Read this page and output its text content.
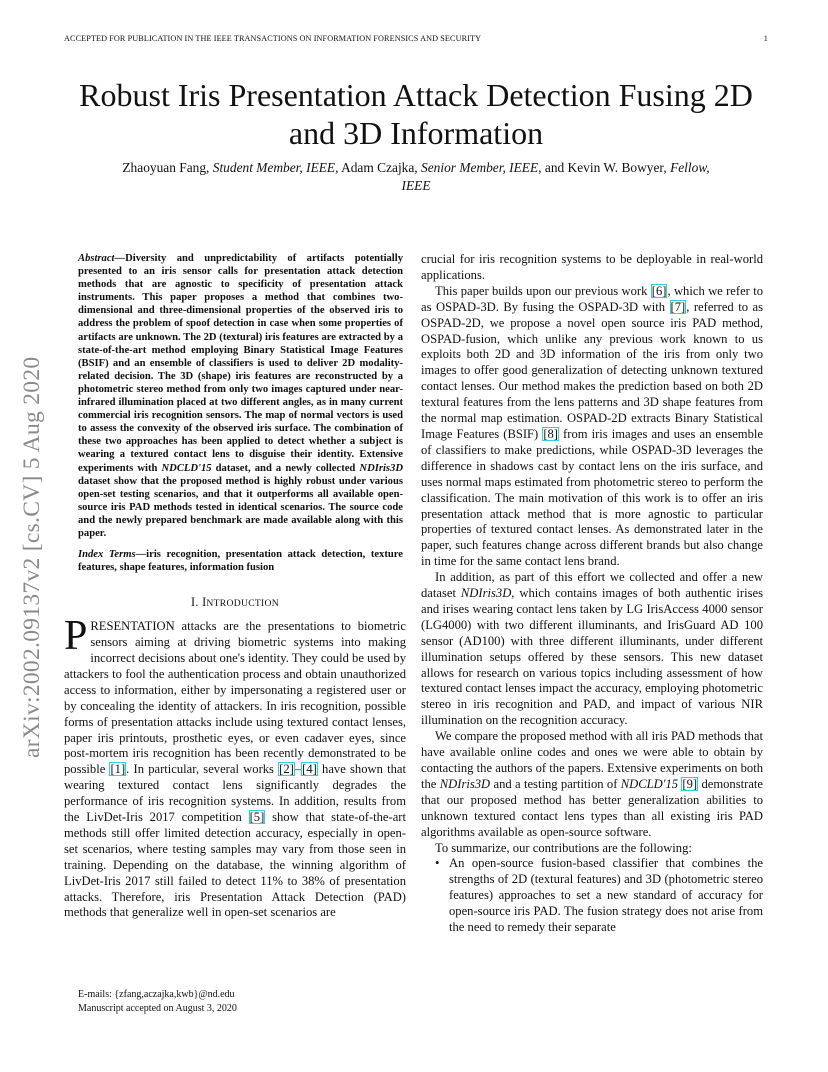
ACCEPTED FOR PUBLICATION IN THE IEEE TRANSACTIONS ON INFORMATION FORENSICS AND SECURITY	1
arXiv:2002.09137v2 [cs.CV] 5 Aug 2020
Robust Iris Presentation Attack Detection Fusing 2D and 3D Information
Zhaoyuan Fang, Student Member, IEEE, Adam Czajka, Senior Member, IEEE, and Kevin W. Bowyer, Fellow, IEEE

Abstract—Diversity and unpredictability of artifacts potentially presented to an iris sensor calls for presentation attack detection methods that are agnostic to specificity of presentation attack instruments. This paper proposes a method that combines two-dimensional and three-dimensional properties of the observed iris to address the problem of spoof detection in case when some properties of artifacts are unknown. The 2D (textural) iris features are extracted by a state-of-the-art method employing Binary Statistical Image Features (BSIF) and an ensemble of classifiers is used to deliver 2D modality-related decision. The 3D (shape) iris features are reconstructed by a photometric stereo method from only two images captured under near-infrared illumination placed at two different angles, as in many current commercial iris recognition sensors. The map of normal vectors is used to assess the convexity of the observed iris surface. The combination of these two approaches has been applied to detect whether a subject is wearing a textured contact lens to disguise their identity. Extensive experiments with NDCLD'15 dataset, and a newly collected NDIris3D dataset show that the proposed method is highly robust under various open-set testing scenarios, and that it outperforms all available open-source iris PAD methods tested in identical scenarios. The source code and the newly prepared benchmark are made available along with this paper.

Index Terms—iris recognition, presentation attack detection, texture features, shape features, information fusion

I. INTRODUCTION

PRESENTATION attacks are the presentations to biometric sensors aiming at driving biometric systems into making incorrect decisions about one's identity. They could be used by attackers to fool the authentication process and obtain unauthorized access to information, either by impersonating a registered user or by concealing the identity of attackers. In iris recognition, possible forms of presentation attacks include using textured contact lenses, paper iris printouts, prosthetic eyes, or even cadaver eyes, since post-mortem iris recognition has been recently demonstrated to be possible [1]. In particular, several works [2]–[4] have shown that wearing textured contact lens significantly degrades the performance of iris recognition systems. In addition, results from the LivDet-Iris 2017 competition [5] show that state-of-the-art methods still offer limited detection accuracy, especially in open-set scenarios, where testing samples may vary from those seen in training. Depending on the database, the winning algorithm of LivDet-Iris 2017 still failed to detect 11% to 38% of presentation attacks. Therefore, iris Presentation Attack Detection (PAD) methods that generalize well in open-set scenarios are

E-mails: {zfang,aczajka,kwb}@nd.edu
Manuscript accepted on August 3, 2020

crucial for iris recognition systems to be deployable in real-world applications.

This paper builds upon our previous work [6], which we refer to as OSPAD-3D. By fusing the OSPAD-3D with [7], referred to as OSPAD-2D, we propose a novel open source iris PAD method, OSPAD-fusion, which unlike any previous work known to us exploits both 2D and 3D information of the iris from only two images to offer good generalization of detecting unknown textured contact lenses. Our method makes the prediction based on both 2D textural features from the lens patterns and 3D shape features from the normal map estimation. OSPAD-2D extracts Binary Statistical Image Features (BSIF) [8] from iris images and uses an ensemble of classifiers to make predictions, while OSPAD-3D leverages the difference in shadows cast by contact lens on the iris surface, and uses normal maps estimated from photometric stereo to perform the classification. The main motivation of this work is to offer an iris presentation attack method that is more agnostic to particular properties of textured contact lenses. As demonstrated later in the paper, such features change across different brands but also change in time for the same contact lens brand.

In addition, as part of this effort we collected and offer a new dataset NDIris3D, which contains images of both authentic irises and irises wearing contact lens taken by LG IrisAccess 4000 sensor (LG4000) with two different illuminants, and IrisGuard AD 100 sensor (AD100) with three different illuminants, under different illumination setups offered by these sensors. This new dataset allows for research on various topics including assessment of how textured contact lenses impact the accuracy, employing photometric stereo in iris recognition and PAD, and impact of various NIR illumination on the recognition accuracy.

We compare the proposed method with all iris PAD methods that have available online codes and ones we were able to obtain by contacting the authors of the papers. Extensive experiments on both the NDIris3D and a testing partition of NDCLD'15 [9] demonstrate that our proposed method has better generalization abilities to unknown textured contact lens types than all existing iris PAD algorithms available as open-source software.

To summarize, our contributions are the following:

• An open-source fusion-based classifier that combines the strengths of 2D (textural features) and 3D (photometric stereo features) approaches to set a new standard of accuracy for open-source iris PAD. The fusion strategy does not arise from the need to remedy their separate
